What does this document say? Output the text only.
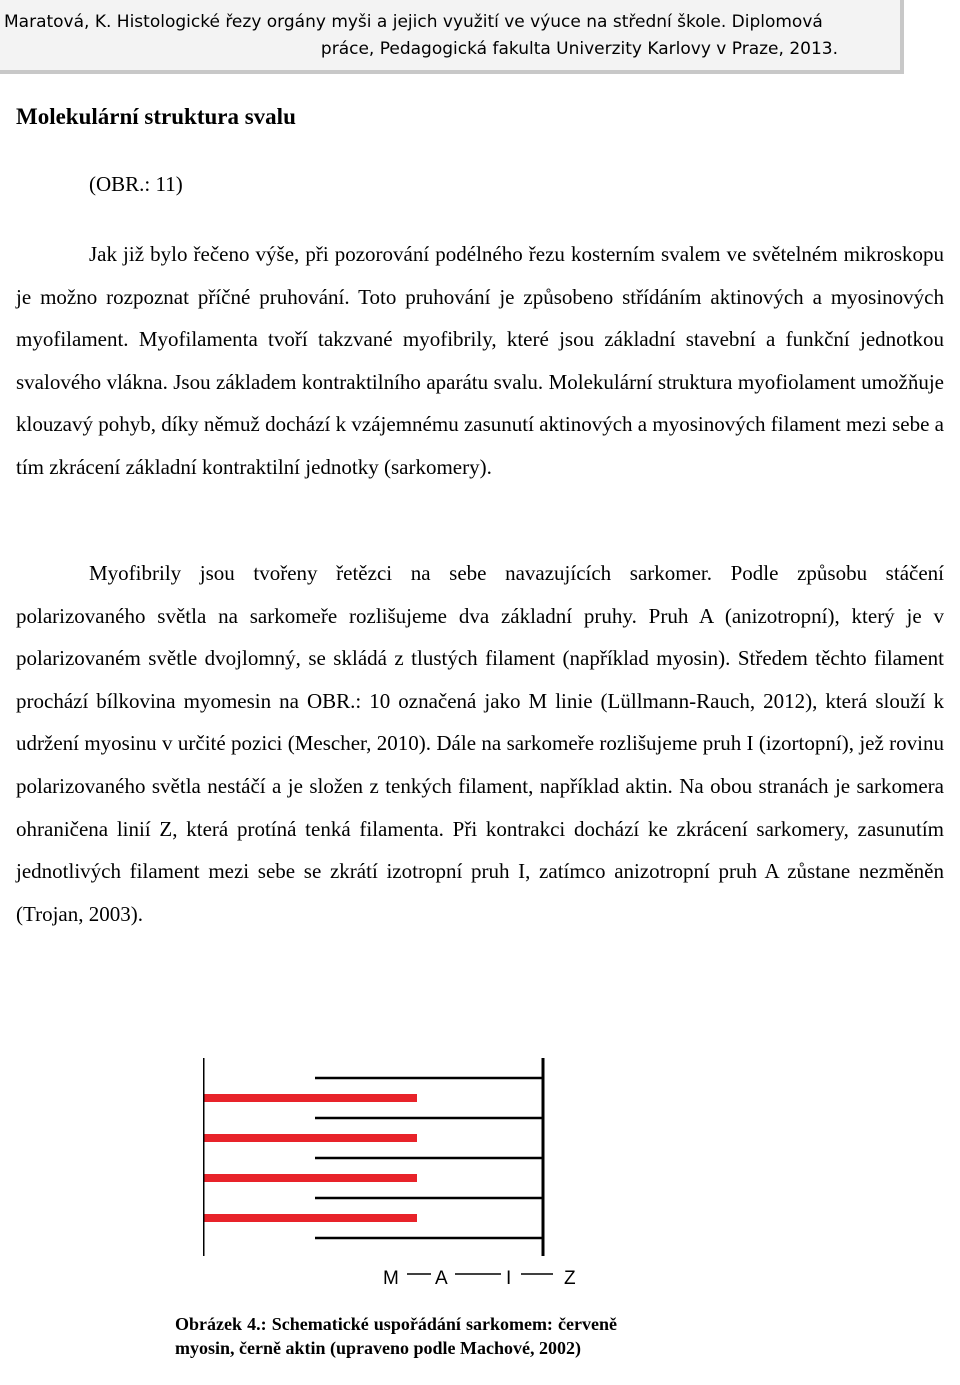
Maratová, K. Histologické řezy orgány myši a jejich využití ve výuce na střední škole. Diplomová
práce, Pedagogická fakulta Univerzity Karlovy v Praze, 2013.
Molekulární struktura svalu

(OBR.: 11)

Jak již bylo řečeno výše, při pozorování podélného řezu kosterním svalem ve světelném mikroskopu je možno rozpoznat příčné pruhování. Toto pruhování je způsobeno střídáním aktinových a myosinových myofilament. Myofilamenta tvoří takzvané myofibrily, které jsou základní stavební a funkční jednotkou svalového vlákna. Jsou základem kontraktilního aparátu svalu. Molekulární struktura myofiolament umožňuje klouzavý pohyb, díky němuž dochází k vzájemnému zasunutí aktinových a myosinových filament mezi sebe a tím zkrácení základní kontraktilní jednotky (sarkomery).

Myofibrily jsou tvořeny řetězci na sebe navazujících sarkomer. Podle způsobu stáčení polarizovaného světla na sarkomeře rozlišujeme dva základní pruhy. Pruh A (anizotropní), který je v polarizovaném světle dvojlomný, se skládá z tlustých filament (například myosin). Středem těchto filament prochází bílkovina myomesin na OBR.: 10 označená jako M linie (Lüllmann-Rauch, 2012), která slouží k udržení myosinu v určité pozici (Mescher, 2010). Dále na sarkomeře rozlišujeme pruh I (izortopní), jež rovinu polarizovaného světla nestáčí a je složen z tenkých filament, například aktin. Na obou stranách je sarkomera ohraničena linií Z, která protíná tenká filamenta. Při kontrakci dochází ke zkrácení sarkomery, zasunutím jednotlivých filament mezi sebe se zkrátí izotropní pruh I, zatímco anizotropní pruh A zůstane nezměněn (Trojan, 2003).

M A	I	Z

Obrázek 4.: Schematické uspořádání sarkomem: červeně myosin, černě aktin (upraveno podle Machové, 2002)
